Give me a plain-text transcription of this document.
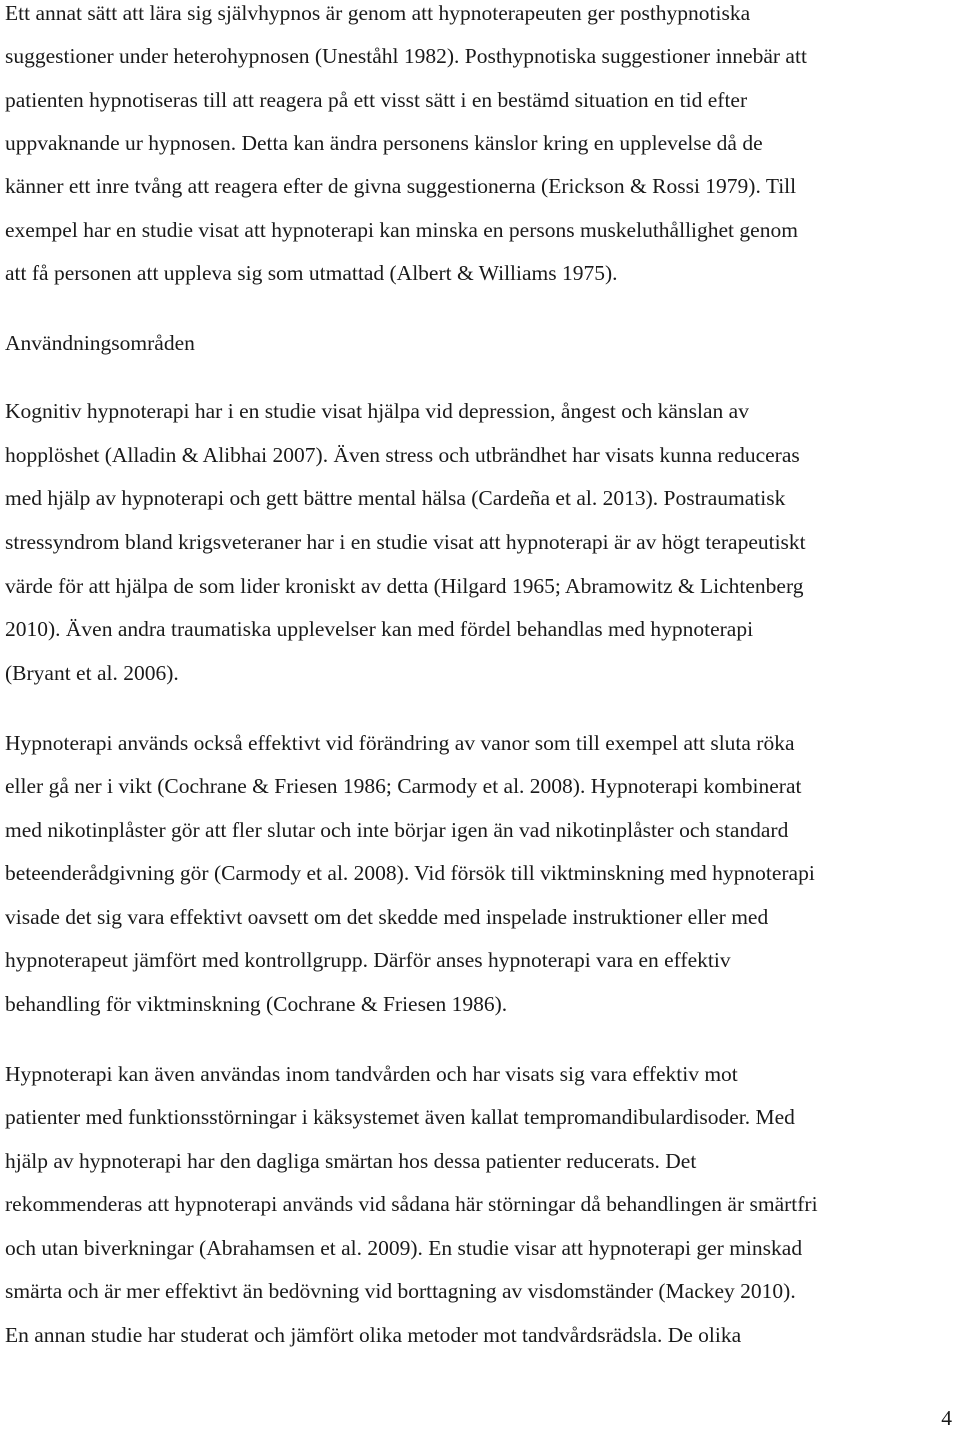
Ett annat sätt att lära sig självhypnos är genom att hypnoterapeuten ger posthypnotiska
suggestioner under heterohypnosen (Uneståhl 1982). Posthypnotiska suggestioner innebär att
patienten hypnotiseras till att reagera på ett visst sätt i en bestämd situation en tid efter
uppvaknande ur hypnosen. Detta kan ändra personens känslor kring en upplevelse då de
känner ett inre tvång att reagera efter de givna suggestionerna (Erickson & Rossi 1979). Till
exempel har en studie visat att hypnoterapi kan minska en persons muskeluthållighet genom
att få personen att uppleva sig som utmattad (Albert & Williams 1975).
Användningsområden
Kognitiv hypnoterapi har i en studie visat hjälpa vid depression, ångest och känslan av
hopplöshet (Alladin & Alibhai 2007). Även stress och utbrändhet har visats kunna reduceras
med hjälp av hypnoterapi och gett bättre mental hälsa (Cardeña et al. 2013). Postraumatisk
stressyndrom bland krigsveteraner har i en studie visat att hypnoterapi är av högt terapeutiskt
värde för att hjälpa de som lider kroniskt av detta (Hilgard 1965; Abramowitz & Lichtenberg
2010). Även andra traumatiska upplevelser kan med fördel behandlas med hypnoterapi
(Bryant et al. 2006).
Hypnoterapi används också effektivt vid förändring av vanor som till exempel att sluta röka
eller gå ner i vikt (Cochrane & Friesen 1986; Carmody et al. 2008). Hypnoterapi kombinerat
med nikotinplåster gör att fler slutar och inte börjar igen än vad nikotinplåster och standard
beteenderådgivning gör (Carmody et al. 2008). Vid försök till viktminskning med hypnoterapi
visade det sig vara effektivt oavsett om det skedde med inspelade instruktioner eller med
hypnoterapeut jämfört med kontrollgrupp. Därför anses hypnoterapi vara en effektiv
behandling för viktminskning (Cochrane & Friesen 1986).
Hypnoterapi kan även användas inom tandvården och har visats sig vara effektiv mot
patienter med funktionsstörningar i käksystemet även kallat tempromandibulardisoder. Med
hjälp av hypnoterapi har den dagliga smärtan hos dessa patienter reducerats. Det
rekommenderas att hypnoterapi används vid sådana här störningar då behandlingen är smärtfri
och utan biverkningar (Abrahamsen et al. 2009). En studie visar att hypnoterapi ger minskad
smärta och är mer effektivt än bedövning vid borttagning av visdomständer (Mackey 2010).
En annan studie har studerat och jämfört olika metoder mot tandvårdsrädsla. De olika
4
